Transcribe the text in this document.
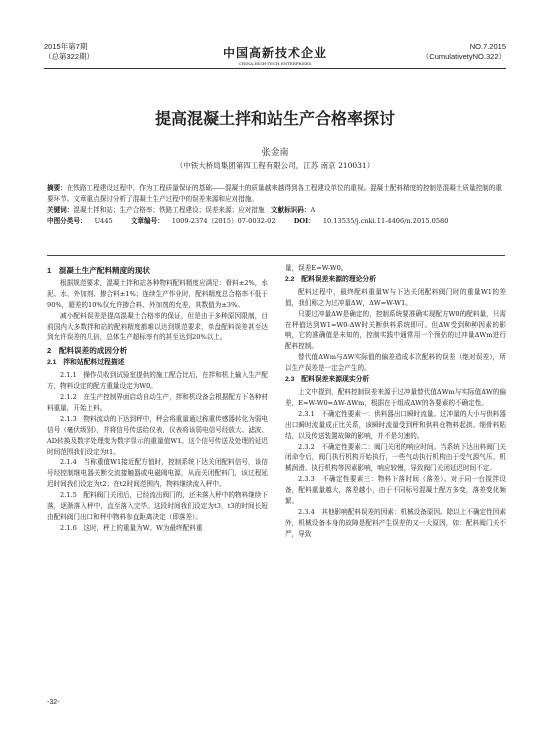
2015年第7期
（总第322期）	中国高新技术企业
CHINA HIGH-TECH ENTERPRISES
NO.7.2015
（CumulativetyNO.322）
提高混凝土拌和站生产合格率探讨
张金南
（中铁大桥局集团第四工程有限公司，江苏 南京 210031）
摘要：在铁路工程建设过程中，作为工程质量保证的基础——混凝土的质量越来越得到各工程建设单位的重视。混凝土配料精度的控制是混凝土质量控制的重要环节。文章重点探讨分析了混凝土生产过程中的误差来源和应对措施。
关键词：混凝土拌和站；生产合格率；铁路工程建设；误差来源；应对措施 文献标识码：A
中图分类号： U445	文章编号： 1009-2374（2015）07-0032-02	DOI： 10.13535/j.cnki.11-4406/n.2015.0580
1　混凝土生产配料精度的现状

根据规范要求，混凝土拌和站各种物料配料精度应满足：骨料±2%，水泥、水、外加剂、掺合料±1%；连续生产作业时，配料精度总合格率不低于90%，超差的10%仅允许掺合料、外加剂的允差，其数值为±3%。

减小配料误差是提高混凝土合格率的保证，但是由于多种原因限制，目前国内大多数拌和站的配料精度都难以达到规范要求，单盘配料误差甚至达到允许误差的几倍，总体生产超标率有的甚至达到20%以上。

2　配料误差的成因分析
2.1　拌和站配料过程描述

2.1.1　操作员收到试验室提供的施工配合比后，在拌和机上输入生产配方，物料设定的配方重量设定为W0。

2.1.2　在生产控制界面启动自动生产，拌和机设备会根据配方下各种材料重量，开始上料。

2.1.3　物料流动的下达到秤中，秤会将重量通过称重传感器转化为弱电信号（毫伏级别），并将信号传送给仪表，仪表将该弱电信号经放大、滤波、AD转换及数字处理变为数字显示的重量值W1。这个信号传送及处理的延迟时间范围我们设定为t1。

2.1.4　当称重值W1接近配方值时，控制系统下达关闭配料信号，该信号经控制继电器关断交流接触器或电磁阀电源，从而关闭配料门，该过程延迟时间我们设定为t2；在t2时间范围内，物料继续流入秤中。

2.1.5　配料阀门关闭后，已经流出阀门的，还未落入秤中的物料继续下落，逐渐落入秤中，直至落入完毕。这段时间我们设定为t3，t3的时间长短由配料阀门出口和秤中物料参直距离决定（即落差）。

2.1.6　这时，秤上的重量为W。W为最终配料重

量，误差E=W-W0。

2.2　配料误差来源的理论分析

配料过程中，最终配料重量W与下达关闭配料阀门时的重量W1的差值，我们称之为过冲量ΔW，ΔW=W-W1。

只要过冲量ΔW是确定的，控制系统要准确实现配方W0的配料量，只需在秤值达到W1=W0-ΔW时关断供料系统即可。但ΔW受到种种因素的影响，它的准确值是未知的，控制实践中通常用一个预估的过冲量ΔWm进行配料控制。

替代值ΔWm与ΔW实际值的偏差造成本次配料的误差（绝对误差），所以生产误差是一定会产生的。

2.3　配料误差来源现实分析

上文中提到，配料控制误差来源于过冲量替代值ΔWm与实际值ΔW的偏差，E=W-W0=ΔW-ΔWm，根据在于组成ΔW的各要素的不确定性。

2.3.1　不确定性要素一：供料器出口瞬时流量。过冲量的大小与供料器出口瞬时流量成正比关系，该瞬时流量受到秤和供料仓物料起拱、细骨料粘结，以及传送装置故障的影响，并不是匀速的。

2.3.2　不确定性要素二：阀门关闭的响应时间。当系统下达出料阀门关闭命令后，阀门执行机构开始执行，一些气动执行机构由于受气源气压、机械润滑、执行机构等因素影响，响应较慢，导致阀门关闭延迟时间不定。

2.3.3　不确定性要素三：物料下落时间（落差）。对于同一台搅拌设备，配料重量越大，落差越小，由于不同标号混凝土配方多变，落差变化频繁。

2.3.4　其他影响配料误差的因素：机械设备原因。除以上不确定性因素外，机械设备本身的故障是配料产生误差的又一大原因，如：配料阀门关不严，导致

-32-
